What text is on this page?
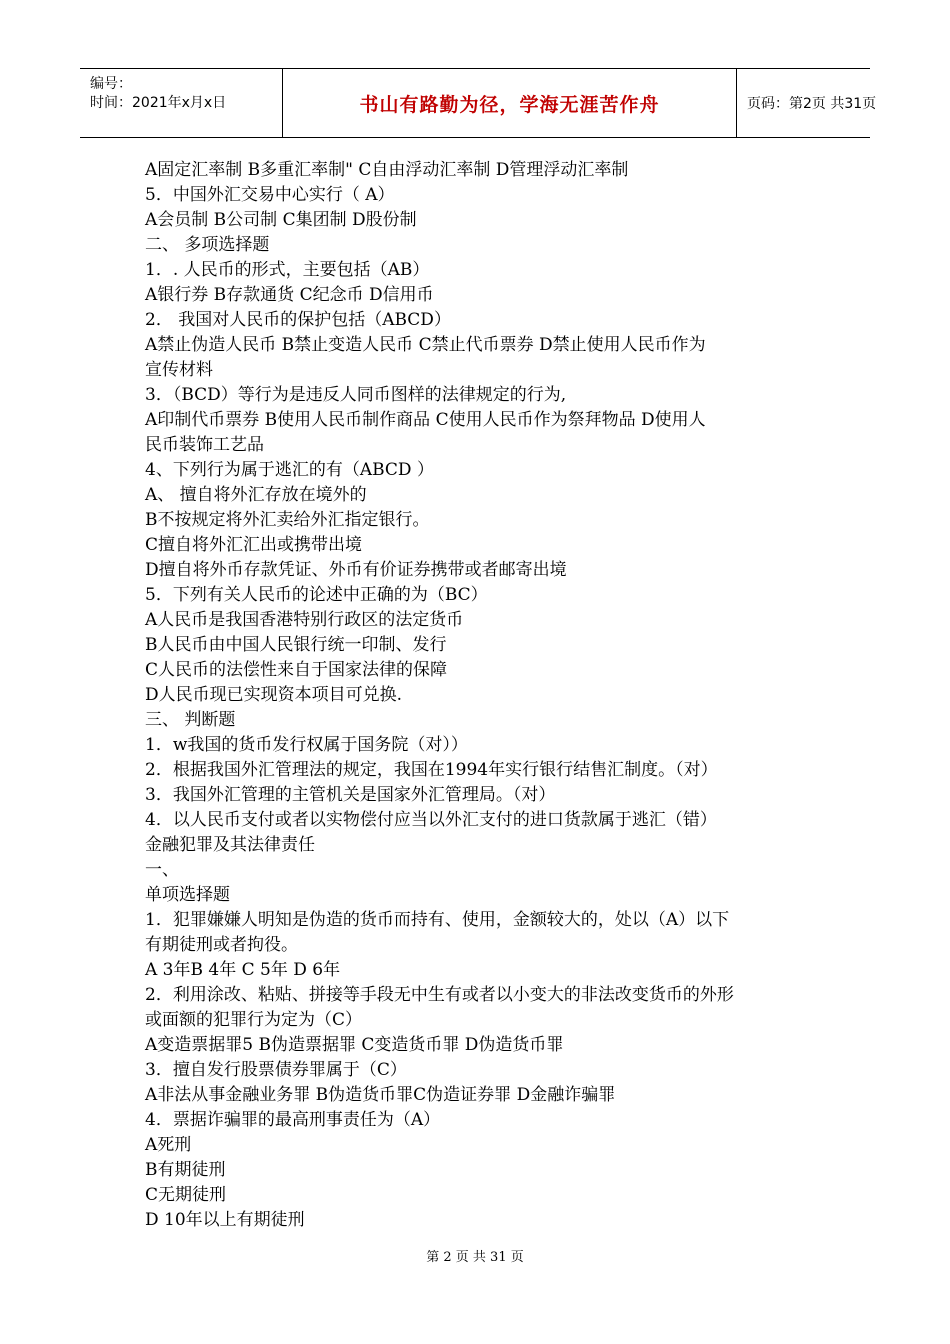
编号：
时间：2021年x月x日	书山有路勤为径，学海无涯苦作舟	页码：第2页 共31页
A固定汇率制 B多重汇率制" C自由浮动汇率制 D管理浮动汇率制
5．中国外汇交易中心实行（ A）
A会员制 B公司制 C集团制 D股份制
二、 多项选择题
1．. 人民币的形式，主要包括（AB）
A银行券 B存款通货 C纪念币 D信用币
2． 我国对人民币的保护包括（ABCD）
A禁止伪造人民币 B禁止变造人民币 C禁止代币票券 D禁止使用人民币作为
宣传材料
3．（BCD）等行为是违反人同币图样的法律规定的行为,
A印制代币票券 B使用人民币制作商品 C使用人民币作为祭拜物品 D使用人
民币装饰工艺品
4、下列行为属于逃汇的有（ABCD ）
A、 擅自将外汇存放在境外的
B不按规定将外汇卖给外汇指定银行。
C擅自将外汇汇出或携带出境
D擅自将外币存款凭证、外币有价证券携带或者邮寄出境
5．下列有关人民币的论述中正确的为（BC）
A人民币是我国香港特别行政区的法定货币
B人民币由中国人民银行统一印制、发行
C人民币的法偿性来自于国家法律的保障
D人民币现已实现资本项目可兑换.
三、 判断题
1．w我国的货币发行权属于国务院（对））
2．根据我国外汇管理法的规定，我国在1994年实行银行结售汇制度。（对）
3．我国外汇管理的主管机关是国家外汇管理局。（对）
4．以人民币支付或者以实物偿付应当以外汇支付的进口货款属于逃汇（错）
金融犯罪及其法律责任
一、
单项选择题
1．犯罪嫌嫌人明知是伪造的货币而持有、使用，金额较大的，处以（A）以下
有期徒刑或者拘役。
A 3年B 4年 C 5年 D 6年
2．利用涂改、粘贴、拼接等手段无中生有或者以小变大的非法改变货币的外形
或面额的犯罪行为定为（C）
A变造票据罪5 B伪造票据罪 C变造货币罪 D伪造货币罪
3．擅自发行股票债券罪属于（C）
A非法从事金融业务罪 B伪造货币罪C伪造证券罪 D金融诈骗罪
4．票据诈骗罪的最高刑事责任为（A）
A死刑
B有期徒刑
C无期徒刑
D 10年以上有期徒刑
第 2 页 共 31 页
